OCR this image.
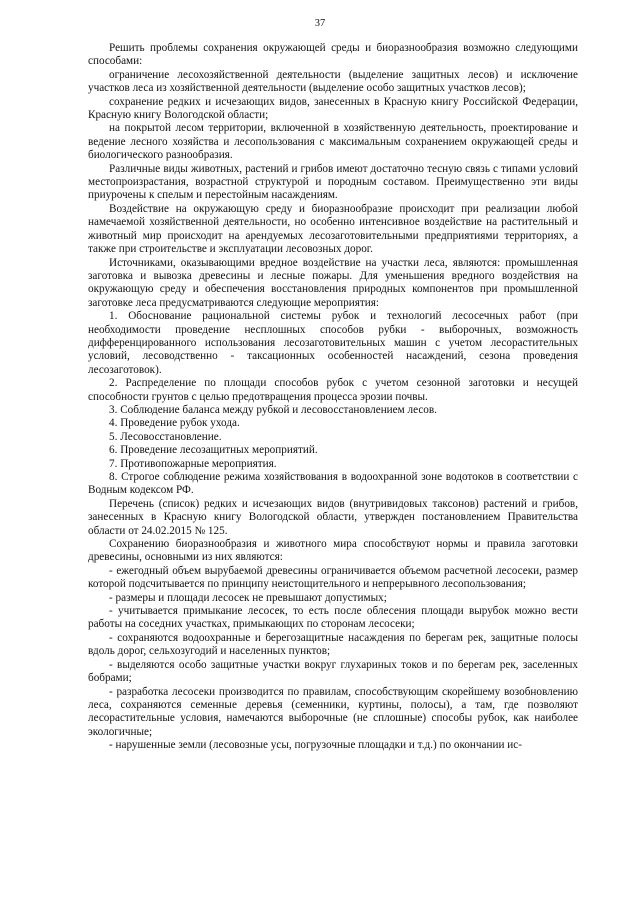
37

Решить проблемы сохранения окружающей среды и биоразнообразия возможно следующими способами:

ограничение лесохозяйственной деятельности (выделение защитных лесов) и исключение участков леса из хозяйственной деятельности (выделение особо защитных участков лесов);

сохранение редких и исчезающих видов, занесенных в Красную книгу Российской Федерации, Красную книгу Вологодской области;

на покрытой лесом территории, включенной в хозяйственную деятельность, проектирование и ведение лесного хозяйства и лесопользования с максимальным сохранением окружающей среды и биологического разнообразия.

Различные виды животных, растений и грибов имеют достаточно тесную связь с типами условий местопроизрастания, возрастной структурой и породным составом. Преимущественно эти виды приурочены к спелым и перестойным насаждениям.

Воздействие на окружающую среду и биоразнообразие происходит при реализации любой намечаемой хозяйственной деятельности, но особенно интенсивное воздействие на растительный и животный мир происходит на арендуемых лесозаготовительными предприятиями территориях, а также при строительстве и эксплуатации лесовозных дорог.

Источниками, оказывающими вредное воздействие на участки леса, являются: промышленная заготовка и вывозка древесины и лесные пожары. Для уменьшения вредного воздействия на окружающую среду и обеспечения восстановления природных компонентов при промышленной заготовке леса предусматриваются следующие мероприятия:

1. Обоснование рациональной системы рубок и технологий лесосечных работ (при необходимости проведение несплошных способов рубки - выборочных, возможность дифференцированного использования лесозаготовительных машин с учетом лесорастительных условий, лесоводственно - таксационных особенностей насаждений, сезона проведения лесозаготовок).

2. Распределение по площади способов рубок с учетом сезонной заготовки и несущей способности грунтов с целью предотвращения процесса эрозии почвы.

3. Соблюдение баланса между рубкой и лесовосстановлением лесов.

4. Проведение рубок ухода.

5. Лесовосстановление.

6. Проведение лесозащитных мероприятий.

7. Противопожарные мероприятия.

8. Строгое соблюдение режима хозяйствования в водоохранной зоне водотоков в соответствии с Водным кодексом РФ.

Перечень (список) редких и исчезающих видов (внутривидовых таксонов) растений и грибов, занесенных в Красную книгу Вологодской области, утвержден постановлением Правительства области от 24.02.2015 № 125.

Сохранению биоразнообразия и животного мира способствуют нормы и правила заготовки древесины, основными из них являются:

- ежегодный объем вырубаемой древесины ограничивается объемом расчетной лесосеки, размер которой подсчитывается по принципу неистощительного и непрерывного лесопользования;

- размеры и площади лесосек не превышают допустимых;

- учитывается примыкание лесосек, то есть после облесения площади вырубок можно вести работы на соседних участках, примыкающих по сторонам лесосеки;

- сохраняются водоохранные и берегозащитные насаждения по берегам рек, защитные полосы вдоль дорог, сельхозугодий и населенных пунктов;

- выделяются особо защитные участки вокруг глухариных токов и по берегам рек, заселенных бобрами;

- разработка лесосеки производится по правилам, способствующим скорейшему возобновлению леса, сохраняются семенные деревья (семенники, куртины, полосы), а там, где позволяют лесорастительные условия, намечаются выборочные (не сплошные) способы рубок, как наиболее экологичные;

- нарушенные земли (лесовозные усы, погрузочные площадки и т.д.) по окончании ис-
